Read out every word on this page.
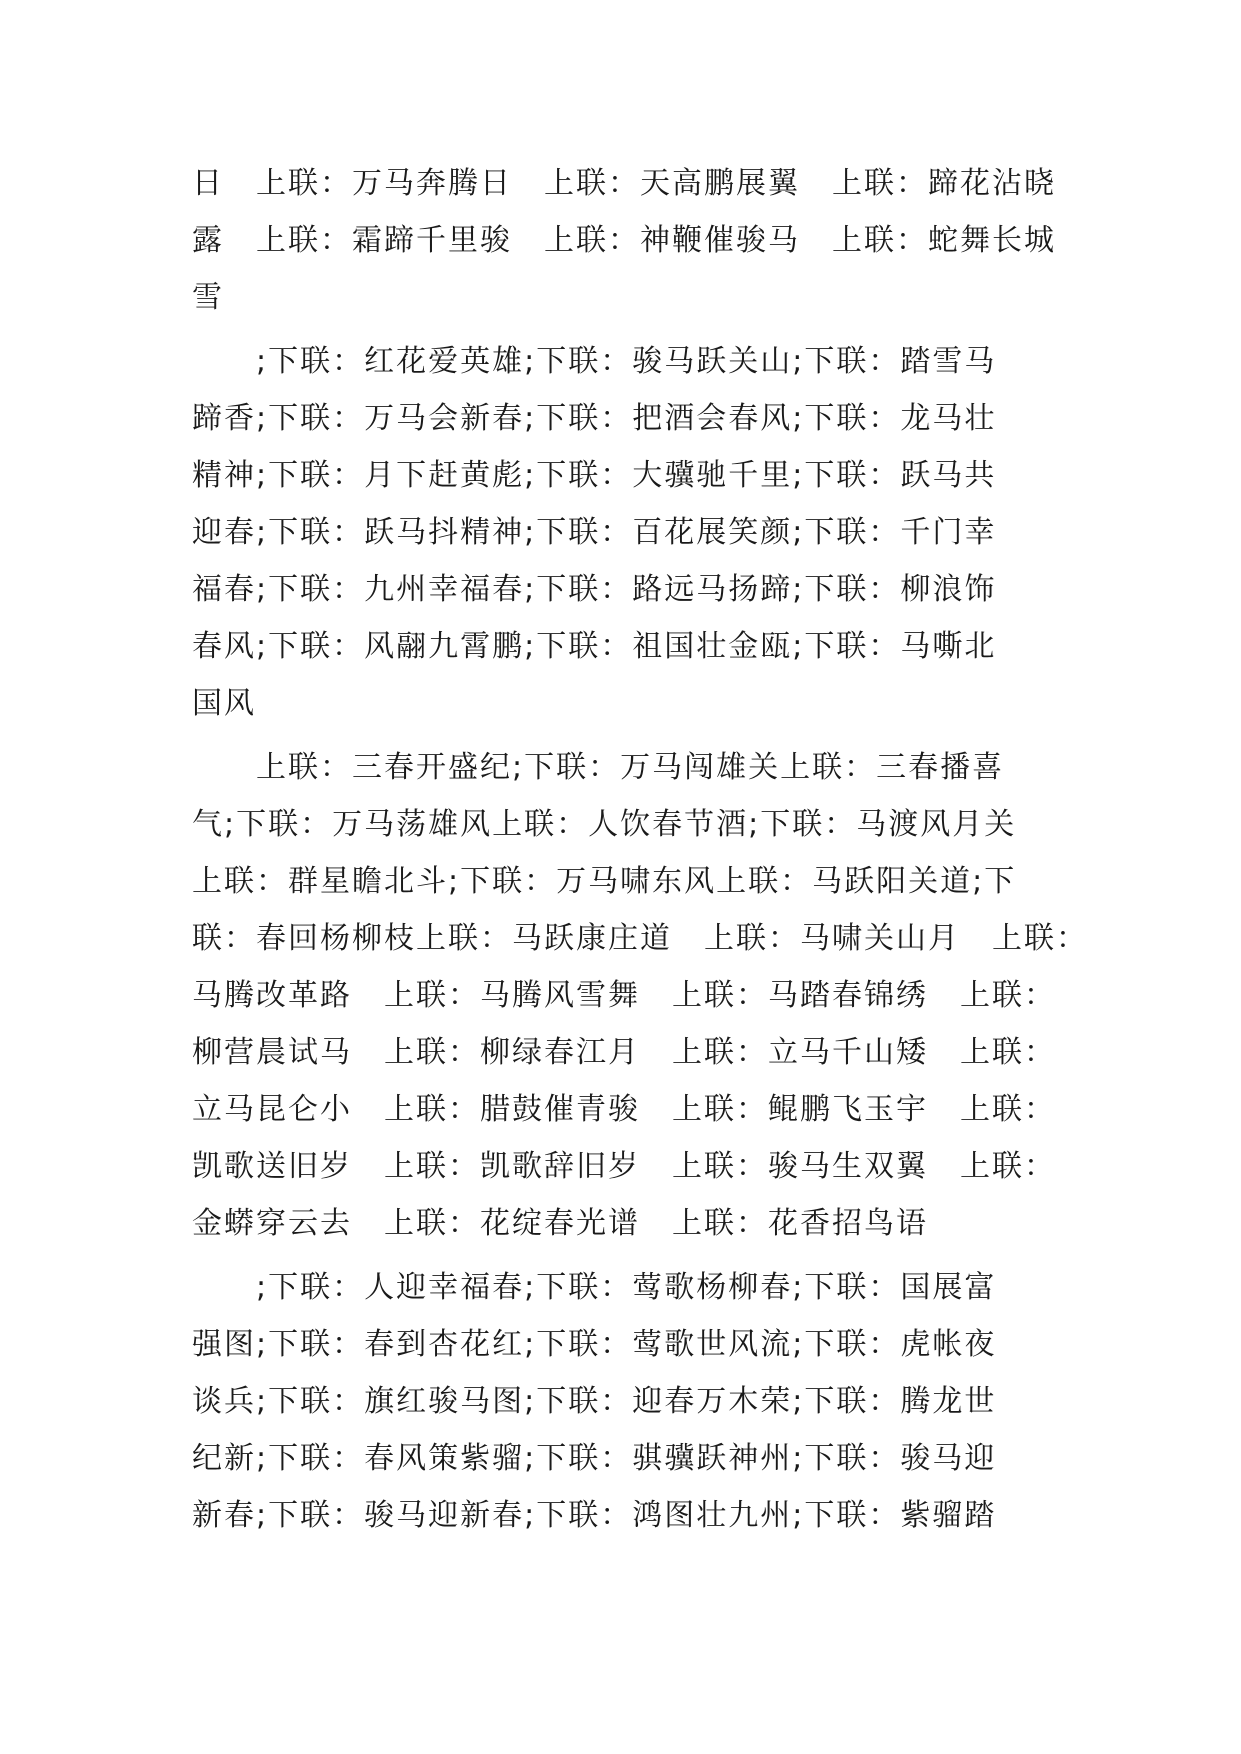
日　上联：万马奔腾日　上联：天高鹏展翼　上联：蹄花沾晓
露　上联：霜蹄千里骏　上联：神鞭催骏马　上联：蛇舞长城
雪
　　;下联：红花爱英雄;下联：骏马跃关山;下联：踏雪马
蹄香;下联：万马会新春;下联：把酒会春风;下联：龙马壮
精神;下联：月下赶黄彪;下联：大骥驰千里;下联：跃马共
迎春;下联：跃马抖精神;下联：百花展笑颜;下联：千门幸
福春;下联：九州幸福春;下联：路远马扬蹄;下联：柳浪饰
春风;下联：风翮九霄鹏;下联：祖国壮金瓯;下联：马嘶北
国风
　　上联：三春开盛纪;下联：万马闯雄关上联：三春播喜
气;下联：万马荡雄风上联：人饮春节酒;下联：马渡风月关
上联：群星瞻北斗;下联：万马啸东风上联：马跃阳关道;下
联：春回杨柳枝上联：马跃康庄道　上联：马啸关山月　上联：
马腾改革路　上联：马腾风雪舞　上联：马踏春锦绣　上联：
柳营晨试马　上联：柳绿春江月　上联：立马千山矮　上联：
立马昆仑小　上联：腊鼓催青骏　上联：鲲鹏飞玉宇　上联：
凯歌送旧岁　上联：凯歌辞旧岁　上联：骏马生双翼　上联：
金蟒穿云去　上联：花绽春光谱　上联：花香招鸟语
　　;下联：人迎幸福春;下联：莺歌杨柳春;下联：国展富
强图;下联：春到杏花红;下联：莺歌世风流;下联：虎帐夜
谈兵;下联：旗红骏马图;下联：迎春万木荣;下联：腾龙世
纪新;下联：春风策紫骝;下联：骐骥跃神州;下联：骏马迎
新春;下联：骏马迎新春;下联：鸿图壮九州;下联：紫骝踏
